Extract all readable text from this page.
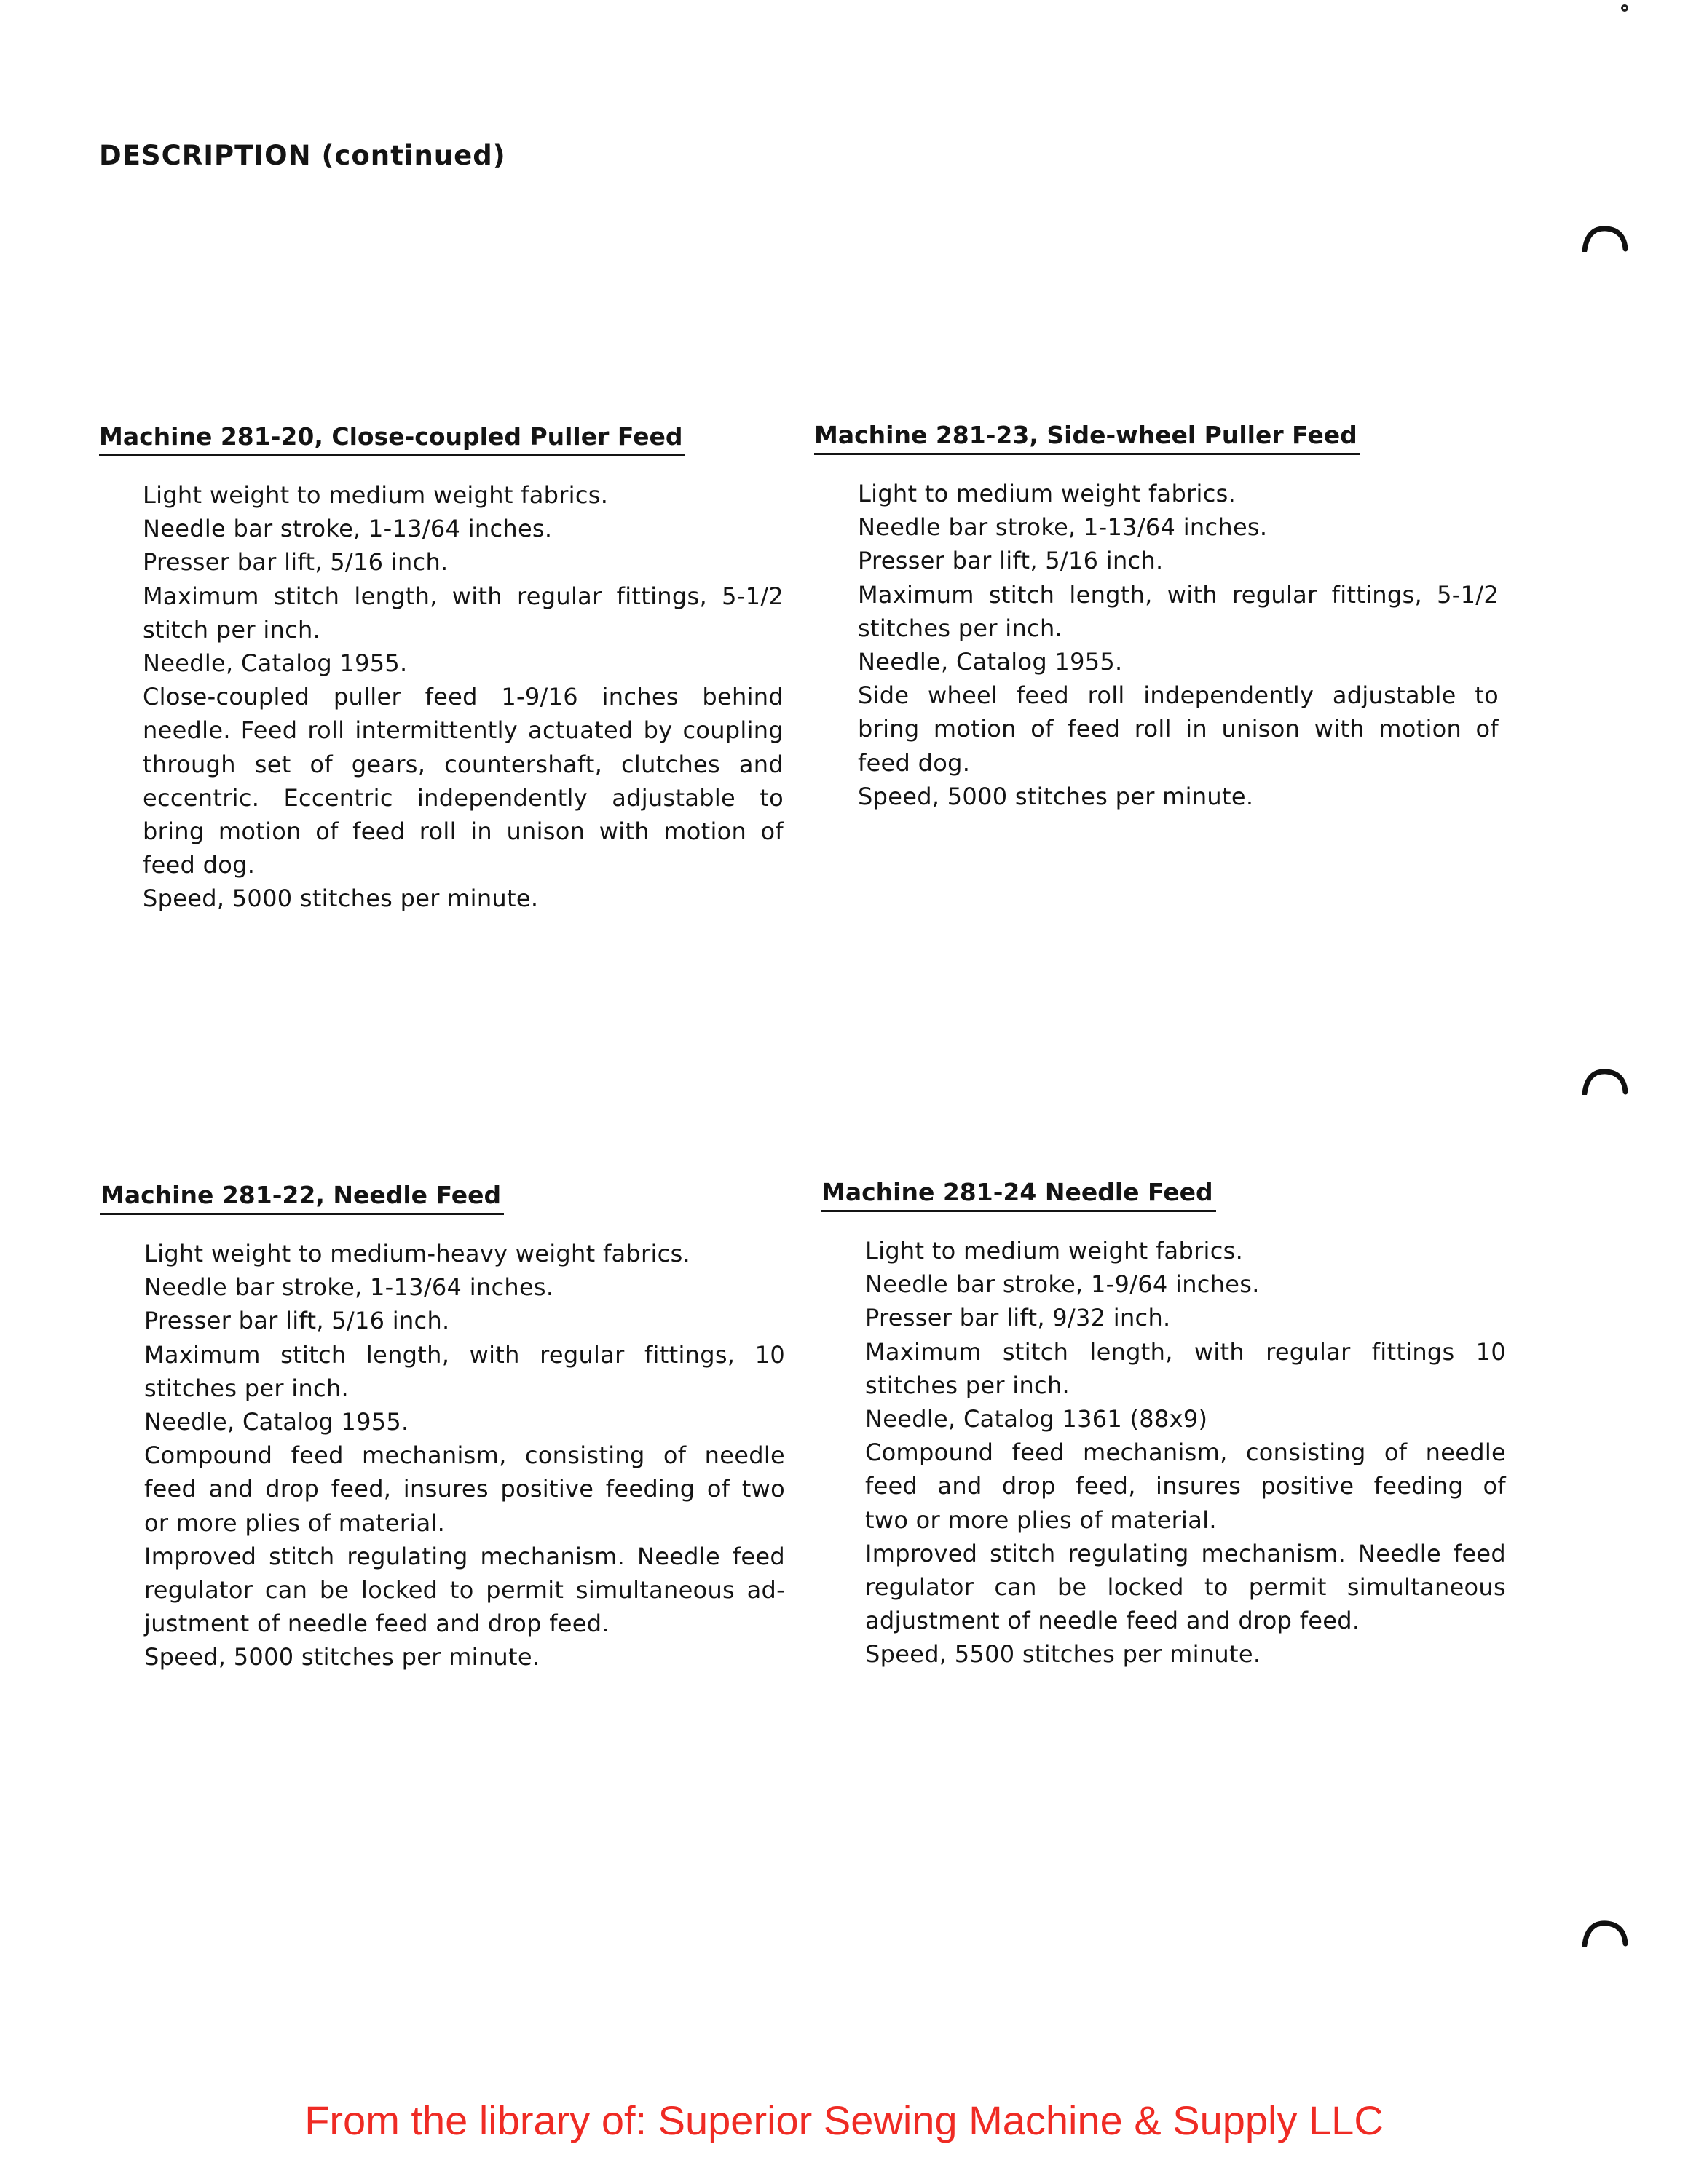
DESCRIPTION (continued)
Machine 281-20, Close-coupled Puller Feed
Light weight to medium weight fabrics.
Needle bar stroke, 1-13/64 inches.
Presser bar lift, 5/16 inch.
Maximum stitch length, with regular fittings, 5-1/2
stitch per inch.
Needle, Catalog 1955.
Close-coupled puller feed 1-9/16 inches behind
needle. Feed roll intermittently actuated by coupling
through set of gears, countershaft, clutches and
eccentric. Eccentric independently adjustable to
bring motion of feed roll in unison with motion of
feed dog.
Speed, 5000 stitches per minute.
Machine 281-23, Side-wheel Puller Feed
Light to medium weight fabrics.
Needle bar stroke, 1-13/64 inches.
Presser bar lift, 5/16 inch.
Maximum stitch length, with regular fittings, 5-1/2
stitches per inch.
Needle, Catalog 1955.
Side wheel feed roll independently adjustable to
bring motion of feed roll in unison with motion of
feed dog.
Speed, 5000 stitches per minute.
Machine 281-22, Needle Feed
Light weight to medium-heavy weight fabrics.
Needle bar stroke, 1-13/64 inches.
Presser bar lift, 5/16 inch.
Maximum stitch length, with regular fittings, 10
stitches per inch.
Needle, Catalog 1955.
Compound feed mechanism, consisting of needle
feed and drop feed, insures positive feeding of two
or more plies of material.
Improved stitch regulating mechanism. Needle feed
regulator can be locked to permit simultaneous ad-
justment of needle feed and drop feed.
Speed, 5000 stitches per minute.
Machine 281-24 Needle Feed
Light to medium weight fabrics.
Needle bar stroke, 1-9/64 inches.
Presser bar lift, 9/32 inch.
Maximum stitch length, with regular fittings 10
stitches per inch.
Needle, Catalog 1361 (88x9)
Compound feed mechanism, consisting of needle
feed and drop feed, insures positive feeding of
two or more plies of material.
Improved stitch regulating mechanism. Needle feed
regulator can be locked to permit simultaneous
adjustment of needle feed and drop feed.
Speed, 5500 stitches per minute.
From the library of: Superior Sewing Machine & Supply LLC
